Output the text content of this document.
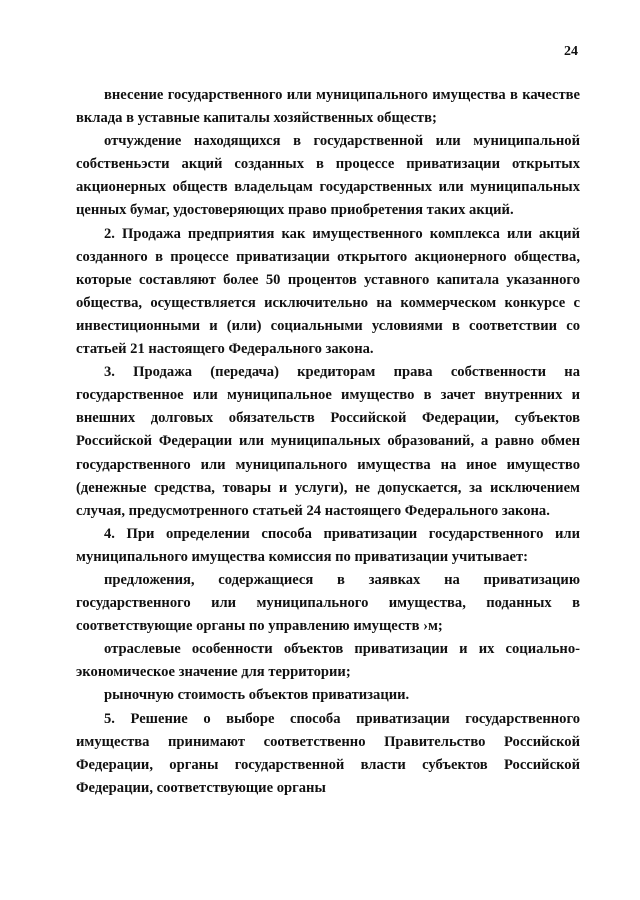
24

внесение государственного или муниципального имущества в качестве вклада в уставные капиталы хозяйственных обществ;

отчуждение находящихся в государственной или муниципальной собственьэсти акций созданных в процессе приватизации открытых акционерных обществ владельцам государственных или муниципальных ценных бумаг, удостоверяющих право приобретения таких акций.

2. Продажа предприятия как имущественного комплекса или акций созданного в процессе приватизации открытого акционерного общества, которые составляют более 50 процентов уставного капитала указанного общества, осуществляется исключительно на коммерческом конкурсе с инвестиционными и (или) социальными условиями в соответствии со статьей 21 настоящего Федерального закона.

3. Продажа (передача) кредиторам права собственности на государственное или муниципальное имущество в зачет внутренних и внешних долговых обязательств Российской Федерации, субъектов Российской Федерации или муниципальных образований, а равно обмен государственного или муниципального имущества на иное имущество (денежные средства, товары и услуги), не допускается, за исключением случая, предусмотренного статьей 24 настоящего Федерального закона.

4. При определении способа приватизации государственного или муниципального имущества комиссия по приватизации учитывает:

предложения, содержащиеся в заявках на приватизацию государственного или муниципального имущества, поданных в соответствующие органы по управлению имуществ ›м;

отраслевые особенности объектов приватизации и их социально-экономическое значение для территории;

рыночную стоимость объектов приватизации.

5. Решение о выборе способа приватизации государственного имущества принимают соответственно Правительство Российской Федерации, органы государственной власти субъектов Российской Федерации, соответствующие органы
